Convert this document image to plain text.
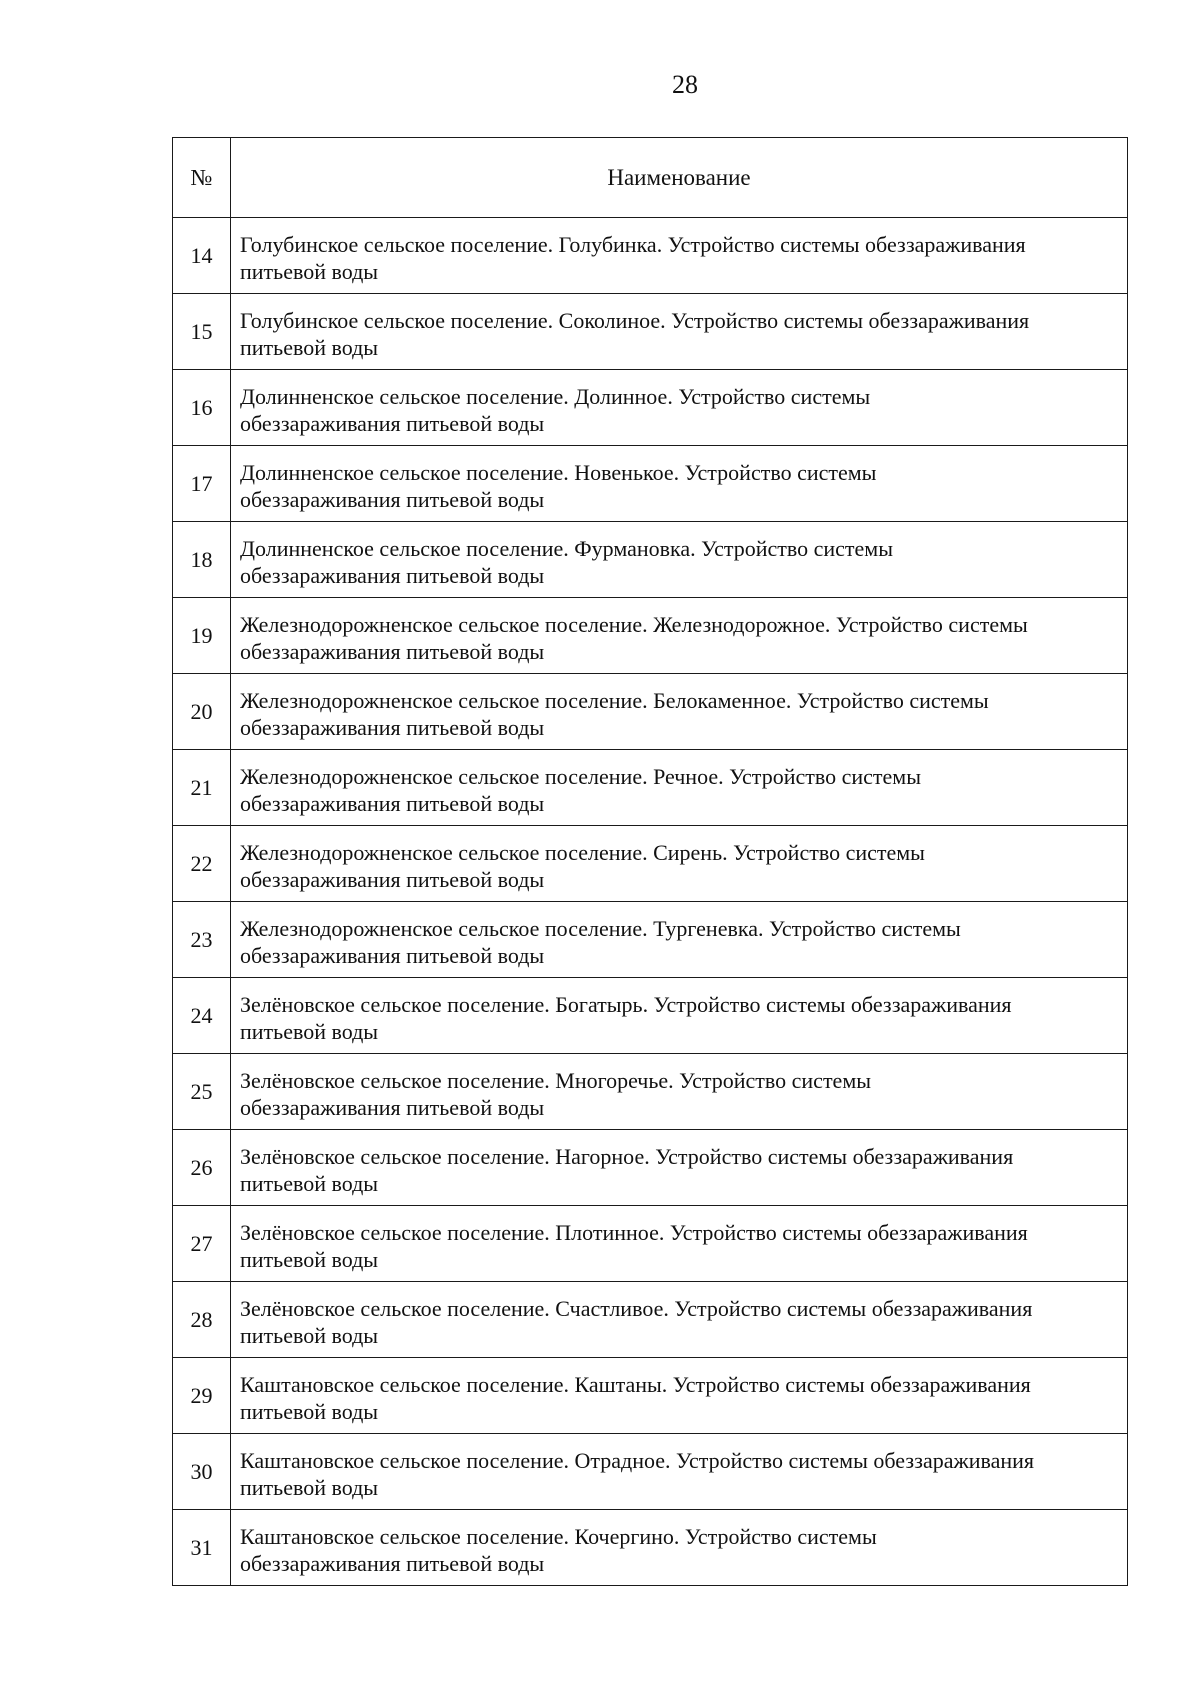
28
№	Наименование
14	Голубинское сельское поселение. Голубинка. Устройство системы обеззараживания
питьевой воды

15	Голубинское сельское поселение. Соколиное. Устройство системы обеззараживания
питьевой воды

16	Долинненское сельское поселение. Долинное. Устройство системы
обеззараживания питьевой воды

17	Долинненское сельское поселение. Новенькое. Устройство системы
обеззараживания питьевой воды

18	Долинненское сельское поселение. Фурмановка. Устройство системы
обеззараживания питьевой воды

19	Железнодорожненское сельское поселение. Железнодорожное. Устройство системы
обеззараживания питьевой воды

20	Железнодорожненское сельское поселение. Белокаменное. Устройство системы
обеззараживания питьевой воды

21	Железнодорожненское сельское поселение. Речное. Устройство системы
обеззараживания питьевой воды

22	Железнодорожненское сельское поселение. Сирень. Устройство системы
обеззараживания питьевой воды

23	Железнодорожненское сельское поселение. Тургеневка. Устройство системы
обеззараживания питьевой воды

24	Зелёновское сельское поселение. Богатырь. Устройство системы обеззараживания
питьевой воды

25	Зелёновское сельское поселение. Многоречье. Устройство системы
обеззараживания питьевой воды

26	Зелёновское сельское поселение. Нагорное. Устройство системы обеззараживания
питьевой воды

27	Зелёновское сельское поселение. Плотинное. Устройство системы обеззараживания
питьевой воды

28	Зелёновское сельское поселение. Счастливое. Устройство системы обеззараживания
питьевой воды

29	Каштановское сельское поселение. Каштаны. Устройство системы обеззараживания
питьевой воды

30	Каштановское сельское поселение. Отрадное. Устройство системы обеззараживания
питьевой воды

31	Каштановское сельское поселение. Кочергино. Устройство системы
обеззараживания питьевой воды
